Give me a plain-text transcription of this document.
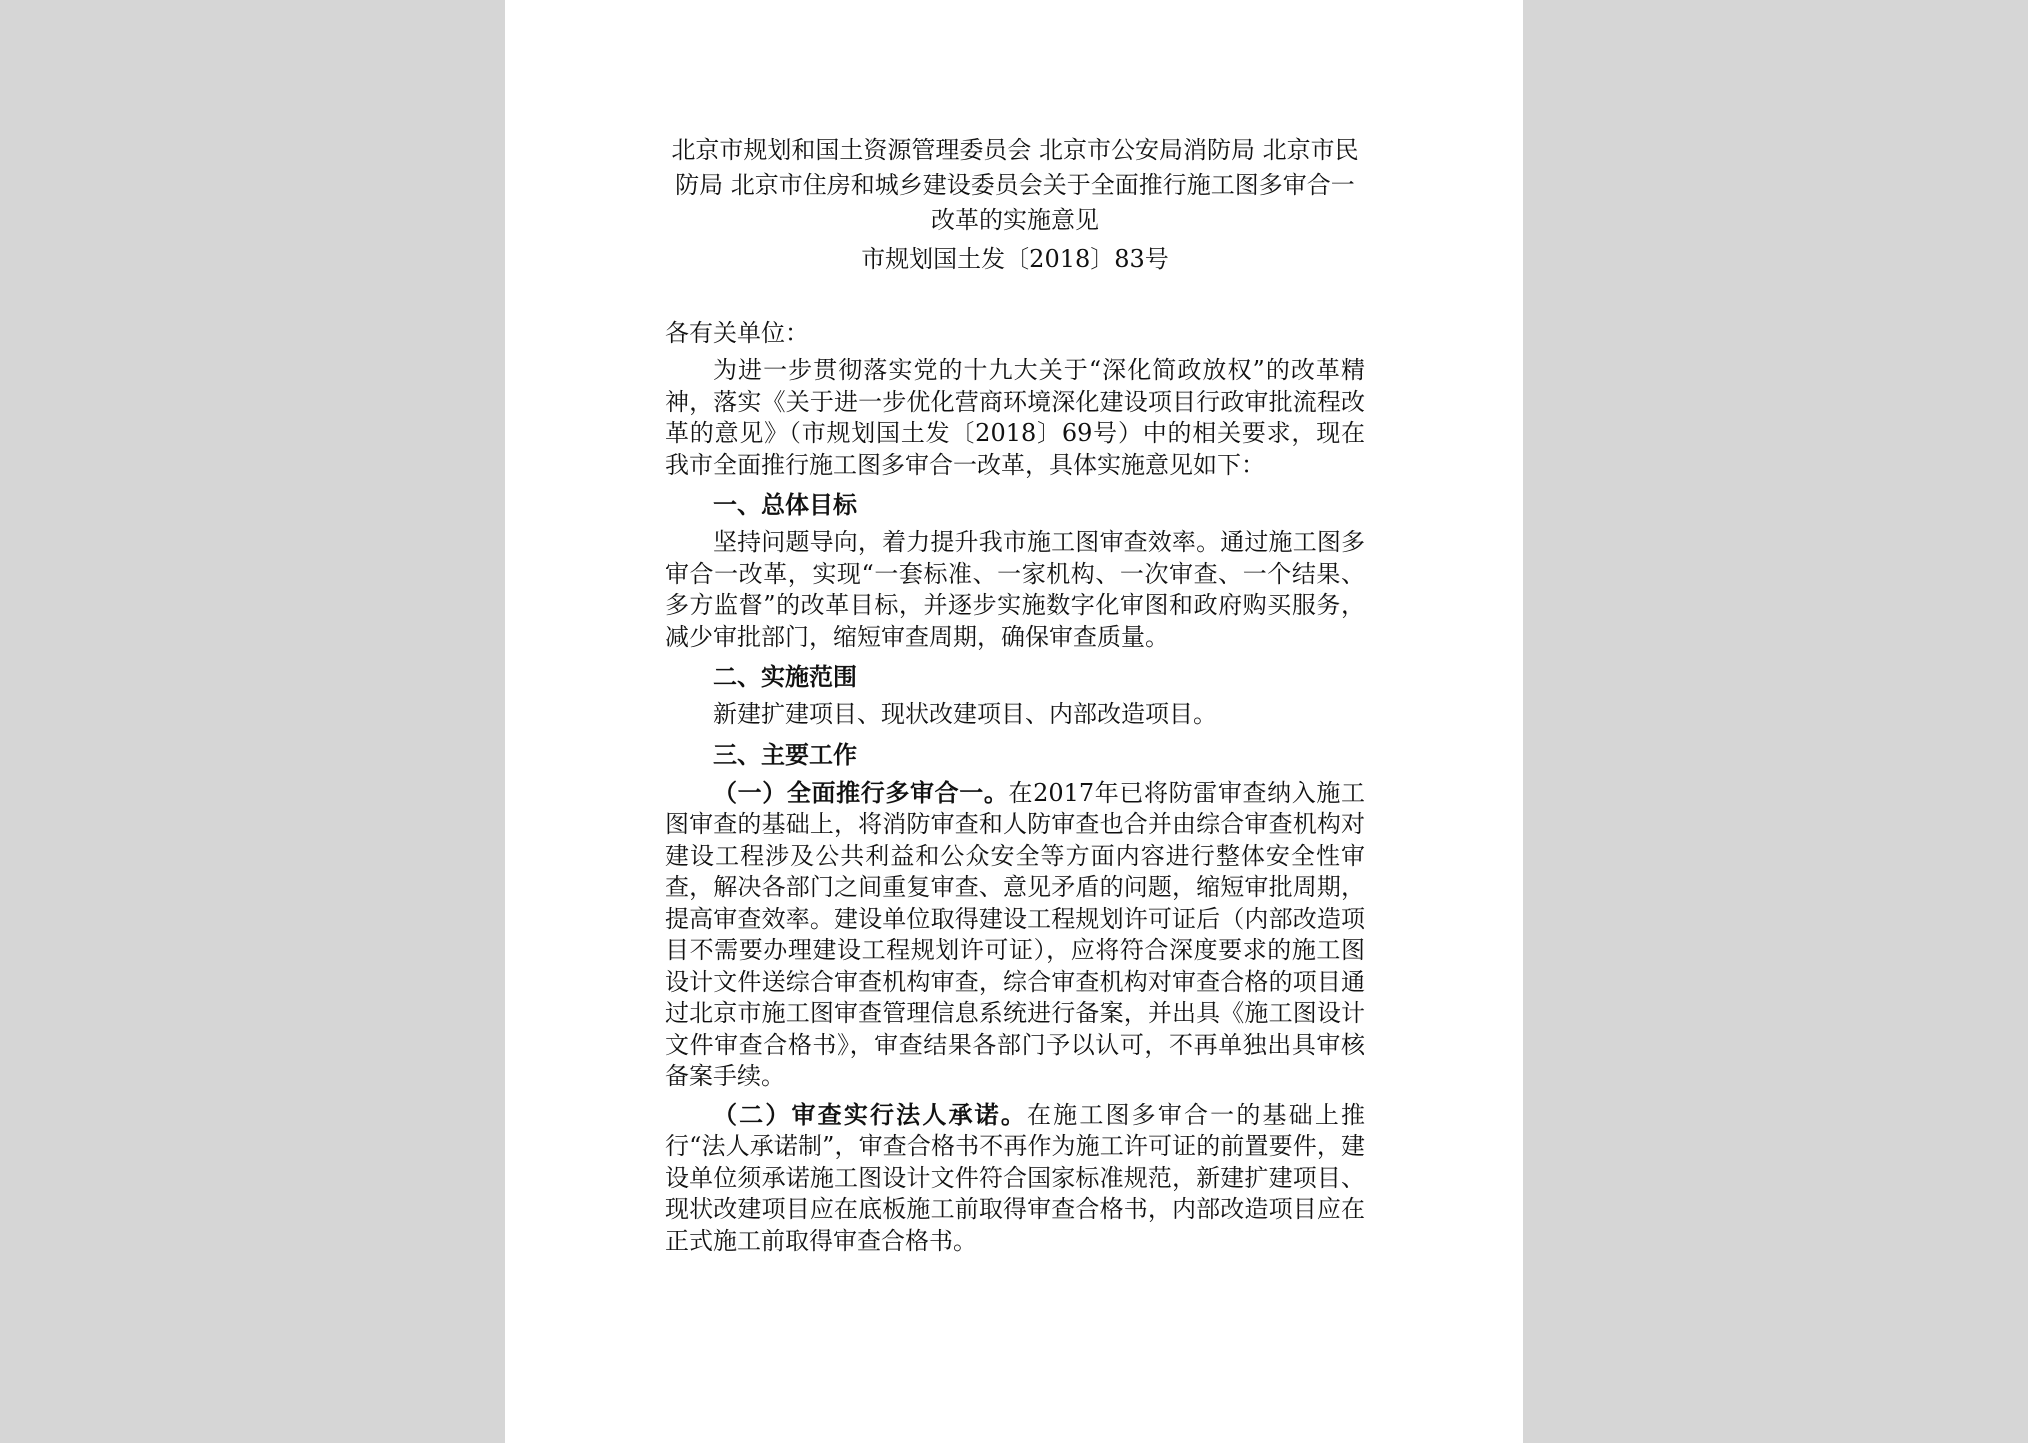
北京市规划和国土资源管理委员会 北京市公安局消防局 北京市民防局 北京市住房和城乡建设委员会关于全面推行施工图多审合一改革的实施意见

市规划国土发〔2018〕83号

各有关单位：

为进一步贯彻落实党的十九大关于“深化简政放权”的改革精神，落实《关于进一步优化营商环境深化建设项目行政审批流程改革的意见》（市规划国土发〔2018〕69号）中的相关要求，现在我市全面推行施工图多审合一改革，具体实施意见如下：

一、总体目标

坚持问题导向，着力提升我市施工图审查效率。通过施工图多审合一改革，实现“一套标准、一家机构、一次审查、一个结果、多方监督”的改革目标，并逐步实施数字化审图和政府购买服务，减少审批部门，缩短审查周期，确保审查质量。

二、实施范围

新建扩建项目、现状改建项目、内部改造项目。

三、主要工作

（一）全面推行多审合一。在2017年已将防雷审查纳入施工图审查的基础上，将消防审查和人防审查也合并由综合审查机构对建设工程涉及公共利益和公众安全等方面内容进行整体安全性审查，解决各部门之间重复审查、意见矛盾的问题，缩短审批周期，提高审查效率。建设单位取得建设工程规划许可证后（内部改造项目不需要办理建设工程规划许可证），应将符合深度要求的施工图设计文件送综合审查机构审查，综合审查机构对审查合格的项目通过北京市施工图审查管理信息系统进行备案，并出具《施工图设计文件审查合格书》，审查结果各部门予以认可，不再单独出具审核备案手续。

（二）审查实行法人承诺。在施工图多审合一的基础上推行“法人承诺制”，审查合格书不再作为施工许可证的前置要件，建设单位须承诺施工图设计文件符合国家标准规范，新建扩建项目、现状改建项目应在底板施工前取得审查合格书，内部改造项目应在正式施工前取得审查合格书。
